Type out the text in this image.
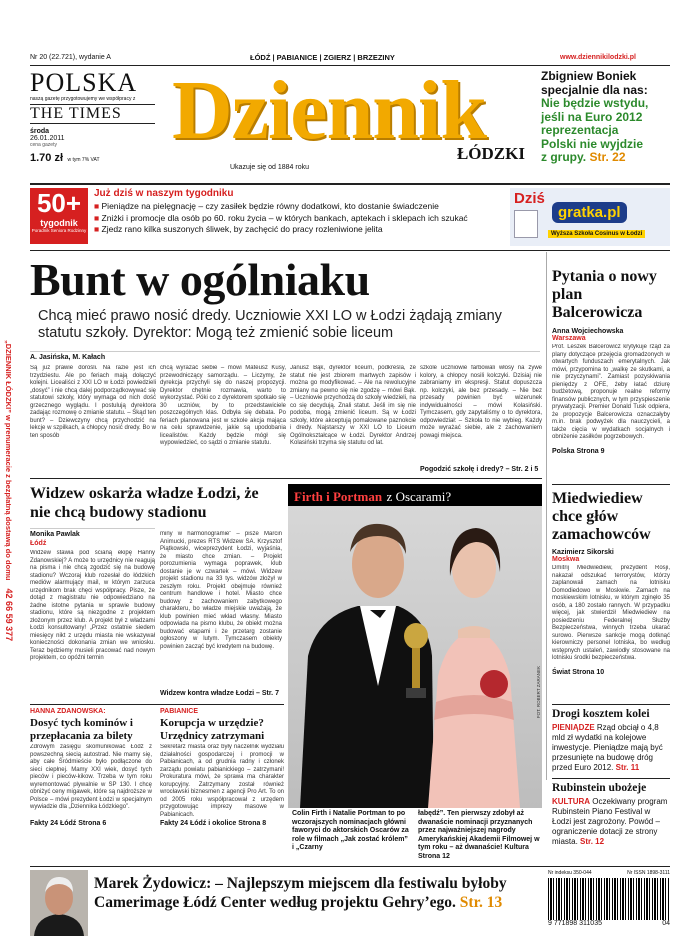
„DZIENNIK ŁÓDZKI” w prenumeracie z bezpłatną dostawą do domu 42 66 59 377
Nr 20 (22.721), wydanie A	ŁÓDŹ | PABIANICE | ZGIERZ | BRZEZINY	www.dziennikilodzki.pl
POLSKA
naszą gazetę przygotowujemy we współpracy z
THE TIMES
środa
26.01.2011
cena gazety
1.70 zł w tym 7% VAT
Dziennik
ŁÓDZKI
Ukazuje się od 1884 roku
Zbigniew Boniek
specjalnie dla nas:
Nie będzie wstydu,
jeśli na Euro 2012
reprezentacja
Polski nie wyjdzie
z grupy. Str. 22
50+
tygodnik
Poradnik Seniora Rodzinny
Już dziś w naszym tygodniku
■ Pieniądze na pielęgnację – czy zasiłek będzie równy dodatkowi, kto dostanie świadczenie
■ Zniżki i promocje dla osób po 60. roku życia – w których bankach, aptekach i sklepach ich szukać
■ Zjedz rano kilka suszonych śliwek, by zachęcić do pracy rozleniwione jelita
Dziś
gratka.pl
Wyższa Szkoła Cosinus w Łodzi
Bunt w ogólniaku
Chcą mieć prawo nosić dredy. Uczniowie XXI LO w Łodzi żądają zmiany statutu szkoły. Dyrektor: Mogą też zmienić sobie liceum
A. Jasińska, M. Kałach
Są już prawie dorośli. Na razie jest ich trzydziestu. Ale po feriach mają dołączyć kolejni. Licealiści z XXI LO w Łodzi powiedzieli „dosyć” i nie chcą dalej podporządkowywać się statutowi szkoły, który wymaga od nich dość grzecznego wyglądu. I postulują dyrektora zadając rozmowę o zmianie statutu. – Skąd ten bunt? – Dziewczyny chcą przychodzić na lekcje w szpilkach, a chłopcy nosić dredy. Bo w ten sposób
chcą wyrażać siebie – mówi Mateusz Kusy, przewodniczący samorządu. – Liczymy, że dyrekcja przychyli się do naszej propozycji. Dyrektor chętnie rozmawia, warto to wykorzystać. Póki co z dyrektorem spotkało się 30 uczniów, by to przedstawiciele poszczególnych klas. Odbyła się debata. Po feriach planowana jest w szkole akcja mająca na celu sprawdzenie, jakie są upodobania licealistów. Każdy będzie mógł się wypowiedzieć, co sądzi o zmianie statutu.
Janusz Bąk, dyrektor liceum, podkreśla, że statut nie jest zbiorem martwych zapisów i można go modyfikować. – Ale na rewolucyjne zmiany na pewno się nie zgodzę – mówi Bąk. – Uczniowie przychodzą do szkoły wiedzieli, na co się decydują. Znali statut. Jeśli im się nie podoba, mogą zmienić liceum. Są w Łodzi szkoły, które akceptują pomalowane paznokcie i dredy. Najstarszy w XXI LO to Liceum Ogólnokształcące w Łodzi. Dyrektor Andrzej Kolasiński trzyma się statutu od lat.
szkole uczniowie farbowali włosy na zywe kolory, a chłopcy nosili kolczyki. Dzisiaj nie zabraniamy im ekspresji. Statut dopuszcza np. kolczyki, ale bez przesady. – Nie bez przesady powinien być wizerunek indywidualności – mówi Kolasiński. Tymczasem, gdy zapytaliśmy o to dyrektora, odpowiedział: – Szkoła to nie wybieg. Każdy może wyrażać siebie, ale z zachowaniem powagi miejsca.
Pogodzić szkołę i dredy? – Str. 2 i 5
Pytania o nowy plan Balcerowicza
Anna Wojciechowska
Warszawa
Prof. Leszek Balcerowicz krytykuje rząd za plany dotyczące przejęcia gromadzonych w otwartych funduszach emerytalnych. Jak mówi, przypomina to „walkę ze skutkami, a nie przyczynami”. Zamiast pozyskiwania pieniędzy z OFE, żeby łatać dziurę budżetową, proponuje realne reformy finansów publicznych, w tym przyspieszenie prywatyzacji. Premier Donald Tusk odpiera, że propozycje Balcerowicza oznaczałyby m.in. brak podwyżek dla nauczycieli, a także cięcia w wydatkach socjalnych i obniżenie zasiłków pogrzebowych.
Polska Strona 9
Miedwiediew chce głów zamachowców
Kazimierz Sikorski
Moskwa
Dmitrij Miedwiediew, prezydent Rosji, nakazał odszukać terrorystów, którzy zaplanowali zamach na lotnisku Domodiedowo w Moskwie. Zamach na moskiewskim lotnisku, w którym zginęło 35 osób, a 180 zostało rannych. W przypadku więcej, jak stwierdził Miedwiediew na posiedzeniu Federalnej Służby Bezpieczeństwa, winnych trzeba ukarać surowo. Pierwsze sankcje mogą dotknąć kierowniczy personel lotniska, bo według wstępnych ustaleń, zawiodły stosowane na lotnisku środki bezpieczeństwa.
Świat Strona 10
Widzew oskarża władze Łodzi, że nie chcą budowy stadionu
Monika Pawlak
Łódź
Widzew stawia pod ścianą ekipę Hanny Zdanowskiej? A może to urzędnicy nie reagują na pisma i nie chcą zgodzić się na budowę stadionu? Wczoraj klub rozesłał do łódzkich mediów alarmujący mail, w którym zarzuca urzędnikom brak chęci współpracy. Pisze, że dotąd z magistratu nie odpowiedziano na żadne istotne pytania w sprawie budowy stadionu, które są niezgodne z projektem złożonym przez klub. A projekt był z władzami Łodzi konsultowany! „Przez ostatnie siedem miesięcy nikt z urzędu miasta nie wskazywał konieczności dokonania zmian we wniosku. Teraz będziemy musieli pracować nad nowym projektem, co opóźni termin
miny w harmonogramie” – pisze Marcin Animucki, prezes RTS Widzew SA. Krzysztof Piątkowski, wiceprezydent Łodzi, wyjaśnia, że miasto chce zmian. – Projekt porozumienia wymaga poprawek, klub dostanie je w czwartek – mówi. Widzew projekt stadionu na 33 tys. widzów złożył w zeszłym roku. Projekt obejmuje również centrum handlowe i hotel. Miasto chce budowy z zachowaniem zabytkowego charakteru, bo władze miejskie uważają, że klub powinien mieć wkład własny. Miasto odpowiada na pismo klubu, że obiekt można budować etapami i że przetarg zostanie ogłoszony w lutym. Tymczasem obiekty powinien zacząć być kredytem na budowę.
Widzew kontra władze Łodzi – Str. 7
Firth i Portman z Oscarami?
FOT. ROBERT ZARANEK
Colin Firth i Natalie Portman to po wczorajszych nominacjach główni faworyci do aktorskich Oscarów za role w filmach „Jak zostać królem” i „Czarny
łabędź”. Ten pierwszy zdobył aż dwanaście nominacji przyznanych przez najważniejszej nagrody Amerykańskiej Akademii Filmowej w tym roku – aż dwanaście! Kultura Strona 12
HANNA ZDANOWSKA:
Dosyć tych kominów i przepłacania za bilety
Zdrowym zasięgu skomunikować Łódź z powszechną siecią autostrad. Nie mamy się, aby całe Śródmieście było podłączone do sieci ciepłnej. Mamy XXI wiek, dosyć tych pieców i pieców-kikow. Trzeba w tym roku wyremontować plywalnie w SP 130. I chcę obniżyć ceny migawek, które są najdroższe w Polsce – mówi prezydent Łodzi w specjalnym wywiadzie dla „Dziennika Łódzkiego”.
Fakty 24 Łódź Strona 6
PABIANICE
Korupcja w urzędzie? Urzędnicy zatrzymani
Sekretarz miasta oraz były naczelnik wydziału działalności gospodarczej i promocji w Pabianicach, a od grudnia radny i członek zarządu powiatu pabianickiego – zatrzymani! Prokuratura mówi, że sprawa ma charakter korupcyjny. Zatrzymany został również wrocławski biznesmen z agencji Pro Art. To on od 2005 roku współpracował z urzędem przygotowując imprezy masowe w Pabianicach.
Fakty 24 Łódź i okolice Strona 8
Drogi kosztem kolei
PIENIĄDZE Rząd obciął o 4,8 mld zł wydatki na kolejowe inwestycje. Pieniądze mają być przesunięte na budowę dróg przed Euro 2012. Str. 11
Rubinstein ubożeje
KULTURA Oczekiwany program Rubinstein Piano Festival w Łodzi jest zagrożony. Powód – ograniczenie dotacji ze strony miasta. Str. 12
Marek Żydowicz: – Najlepszym miejscem dla festiwalu byłoby Camerimage Łódź Center według projektu Gehry’ego. Str. 13
Nr indeksu 350-044	Nr ISSN 1898-3111
9 771898 311035	04
